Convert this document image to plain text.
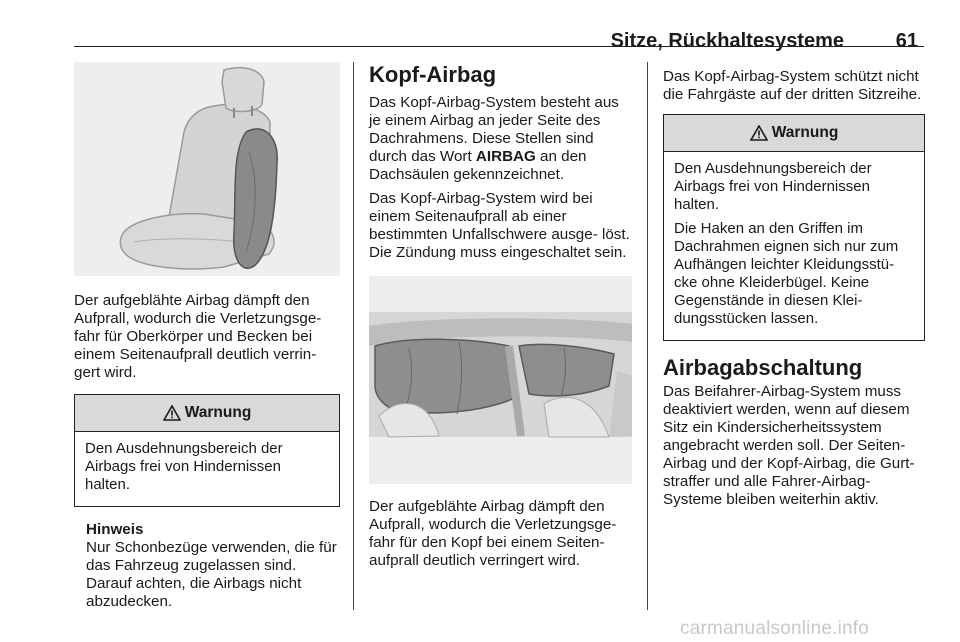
Sitze, Rückhaltesysteme	61

Der aufgeblähte Airbag dämpft den Aufprall, wodurch die Verletzungsge- fahr für Oberkörper und Becken bei einem Seitenaufprall deutlich verrin- gert wird.

Warnung

Den Ausdehnungsbereich der Airbags frei von Hindernissen halten.

Hinweis

Nur Schonbezüge verwenden, die für das Fahrzeug zugelassen sind. Darauf achten, die Airbags nicht abzudecken.

Kopf-Airbag

Das Kopf-Airbag-System besteht aus je einem Airbag an jeder Seite des Dachrahmens. Diese Stellen sind durch das Wort AIRBAG an den Dachsäulen gekennzeichnet.

Das Kopf-Airbag-System wird bei einem Seitenaufprall ab einer bestimmten Unfallschwere ausge- löst. Die Zündung muss eingeschaltet sein.

Der aufgeblähte Airbag dämpft den Aufprall, wodurch die Verletzungsge- fahr für den Kopf bei einem Seiten- aufprall deutlich verringert wird.

Das Kopf-Airbag-System schützt nicht die Fahrgäste auf der dritten Sitzreihe.

Warnung

Den Ausdehnungsbereich der Airbags frei von Hindernissen halten.

Die Haken an den Griffen im Dachrahmen eignen sich nur zum Aufhängen leichter Kleidungsstü- cke ohne Kleiderbügel. Keine Gegenstände in diesen Klei- dungsstücken lassen.

Airbagabschaltung

Das Beifahrer-Airbag-System muss deaktiviert werden, wenn auf diesem Sitz ein Kindersicherheitssystem angebracht werden soll. Der Seiten- Airbag und der Kopf-Airbag, die Gurt- straffer und alle Fahrer-Airbag- Systeme bleiben weiterhin aktiv.

carmanualsonline.info
